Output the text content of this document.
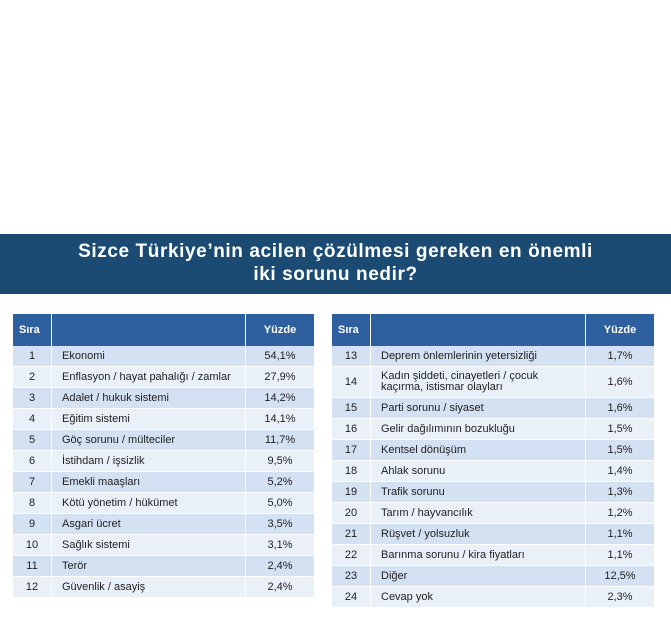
Sizce Türkiye’nin acilen çözülmesi gereken en önemli
iki sorunu nedir?
Sıra		Yüzde
1	Ekonomi	54,1%
2	Enflasyon / hayat pahalığı / zamlar	27,9%
3	Adalet / hukuk sistemi	14,2%
4	Eğitim sistemi	14,1%
5	Göç sorunu / mülteciler	11,7%
6	İstihdam / işsizlik	9,5%
7	Emekli maaşları	5,2%
8	Kötü yönetim / hükümet	5,0%
9	Asgari ücret	3,5%
10	Sağlık sistemi	3,1%
11	Terör	2,4%
12	Güvenlik / asayiş	2,4%
Sıra		Yüzde
13	Deprem önlemlerinin yetersizliği	1,7%
14	Kadın şiddeti, cinayetleri / çocuk kaçırma, istismar olayları	1,6%
15	Parti sorunu / siyaset	1,6%
16	Gelir dağılımının bozukluğu	1,5%
17	Kentsel dönüşüm	1,5%
18	Ahlak sorunu	1,4%
19	Trafik sorunu	1,3%
20	Tarım / hayvancılık	1,2%
21	Rüşvet / yolsuzluk	1,1%
22	Barınma sorunu / kira fiyatları	1,1%
23	Diğer	12,5%
24	Cevap yok	2,3%
